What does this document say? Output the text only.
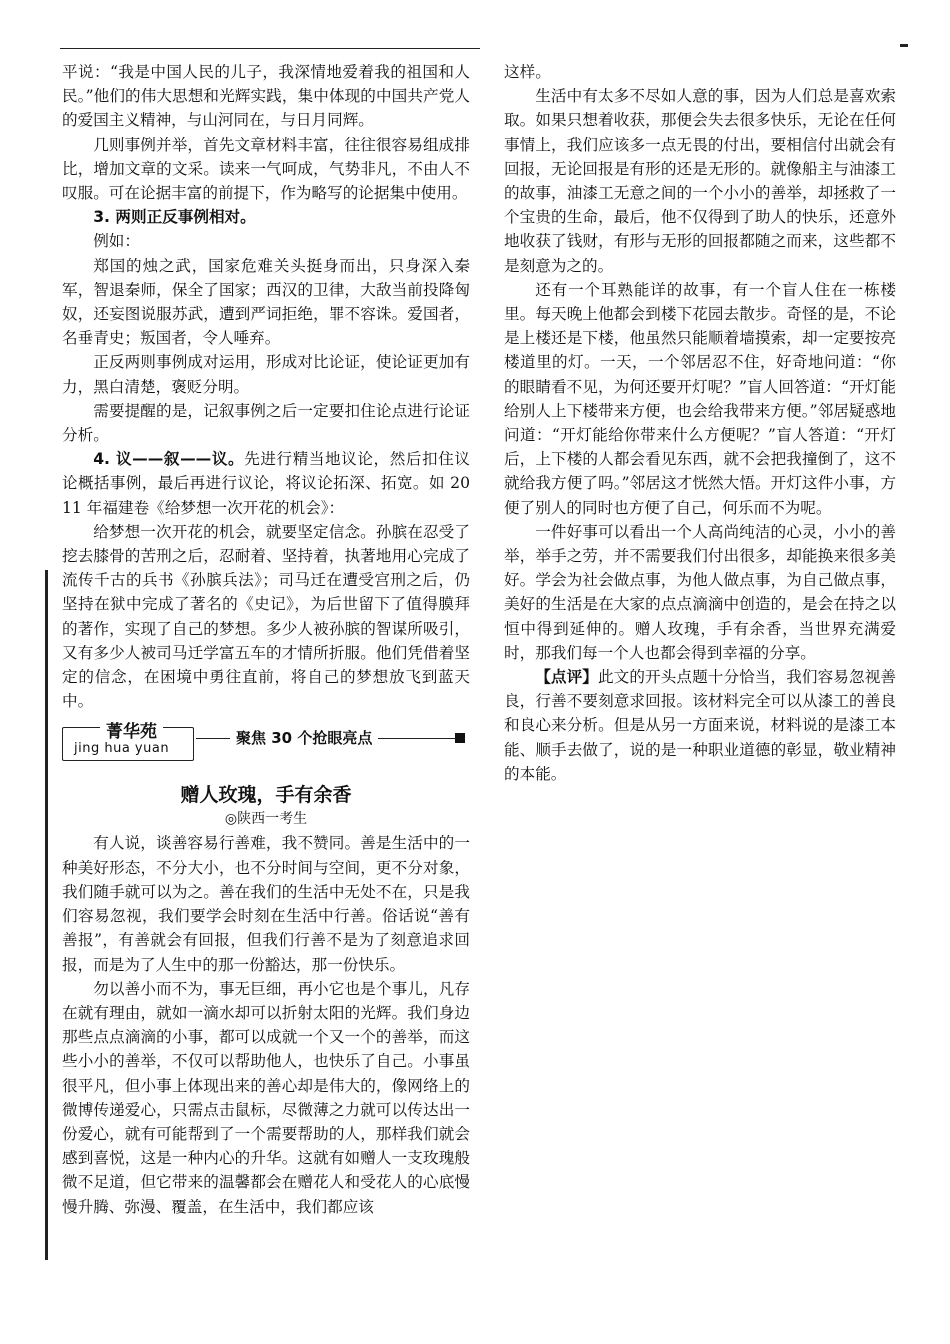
平说：“我是中国人民的儿子，我深情地爱着我的祖国和人民。”他们的伟大思想和光辉实践，集中体现的中国共产党人的爱国主义精神，与山河同在，与日月同辉。

几则事例并举，首先文章材料丰富，往往很容易组成排比，增加文章的文采。读来一气呵成，气势非凡，不由人不叹服。可在论据丰富的前提下，作为略写的论据集中使用。

3. 两则正反事例相对。

例如：

郑国的烛之武，国家危难关头挺身而出，只身深入秦军，智退秦师，保全了国家；西汉的卫律，大敌当前投降匈奴，还妄图说服苏武，遭到严词拒绝，罪不容诛。爱国者，名垂青史；叛国者，令人唾弃。

正反两则事例成对运用，形成对比论证，使论证更加有力，黑白清楚，褒贬分明。

需要提醒的是，记叙事例之后一定要扣住论点进行论证分析。

4. 议——叙——议。先进行精当地议论，然后扣住议论概括事例，最后再进行议论，将议论拓深、拓宽。如 2011 年福建卷《给梦想一次开花的机会》：

给梦想一次开花的机会，就要坚定信念。孙膑在忍受了挖去膝骨的苦刑之后，忍耐着、坚持着，执著地用心完成了流传千古的兵书《孙膑兵法》；司马迁在遭受宫刑之后，仍坚持在狱中完成了著名的《史记》，为后世留下了值得膜拜的著作，实现了自己的梦想。多少人被孙膑的智谋所吸引，又有多少人被司马迁学富五车的才情所折服。他们凭借着坚定的信念，在困境中勇往直前，将自己的梦想放飞到蓝天中。

菁华苑
jing hua yuan
聚焦 30 个抢眼亮点
赠人玫瑰，手有余香
◎陕西一考生

有人说，谈善容易行善难，我不赞同。善是生活中的一种美好形态，不分大小，也不分时间与空间，更不分对象，我们随手就可以为之。善在我们的生活中无处不在，只是我们容易忽视，我们要学会时刻在生活中行善。俗话说“善有善报”，有善就会有回报，但我们行善不是为了刻意追求回报，而是为了人生中的那一份豁达，那一份快乐。

勿以善小而不为，事无巨细，再小它也是个事儿，凡存在就有理由，就如一滴水却可以折射太阳的光辉。我们身边那些点点滴滴的小事，都可以成就一个又一个的善举，而这些小小的善举，不仅可以帮助他人，也快乐了自己。小事虽很平凡，但小事上体现出来的善心却是伟大的，像网络上的微博传递爱心，只需点击鼠标，尽微薄之力就可以传达出一份爱心，就有可能帮到了一个需要帮助的人，那样我们就会感到喜悦，这是一种内心的升华。这就有如赠人一支玫瑰般微不足道，但它带来的温馨都会在赠花人和受花人的心底慢慢升腾、弥漫、覆盖，在生活中，我们都应该

这样。

生活中有太多不尽如人意的事，因为人们总是喜欢索取。如果只想着收获，那便会失去很多快乐，无论在任何事情上，我们应该多一点无畏的付出，要相信付出就会有回报，无论回报是有形的还是无形的。就像船主与油漆工的故事，油漆工无意之间的一个小小的善举，却拯救了一个宝贵的生命，最后，他不仅得到了助人的快乐，还意外地收获了钱财，有形与无形的回报都随之而来，这些都不是刻意为之的。

还有一个耳熟能详的故事，有一个盲人住在一栋楼里。每天晚上他都会到楼下花园去散步。奇怪的是，不论是上楼还是下楼，他虽然只能顺着墙摸索，却一定要按亮楼道里的灯。一天，一个邻居忍不住，好奇地问道：“你的眼睛看不见，为何还要开灯呢？”盲人回答道：“开灯能给别人上下楼带来方便，也会给我带来方便。”邻居疑惑地问道：“开灯能给你带来什么方便呢？”盲人答道：“开灯后，上下楼的人都会看见东西，就不会把我撞倒了，这不就给我方便了吗。”邻居这才恍然大悟。开灯这件小事，方便了别人的同时也方便了自己，何乐而不为呢。

一件好事可以看出一个人高尚纯洁的心灵，小小的善举，举手之劳，并不需要我们付出很多，却能换来很多美好。学会为社会做点事，为他人做点事，为自己做点事，美好的生活是在大家的点点滴滴中创造的，是会在持之以恒中得到延伸的。赠人玫瑰，手有余香，当世界充满爱时，那我们每一个人也都会得到幸福的分享。

【点评】此文的开头点题十分恰当，我们容易忽视善良，行善不要刻意求回报。该材料完全可以从漆工的善良和良心来分析。但是从另一方面来说，材料说的是漆工本能、顺手去做了，说的是一种职业道德的彰显，敬业精神的本能。
